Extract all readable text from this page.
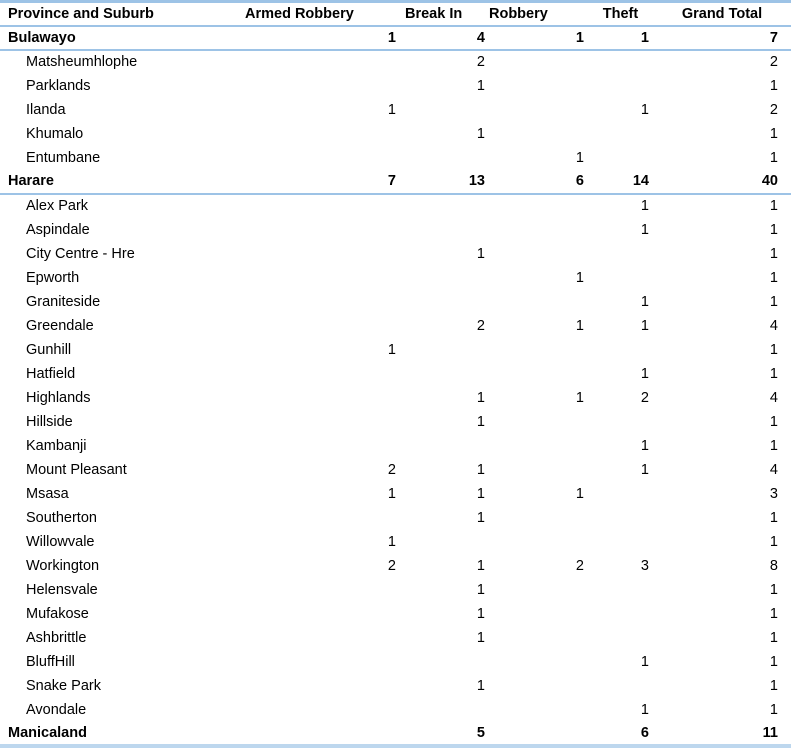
Province and Suburb	Armed Robbery	Break In	Robbery	Theft	Grand Total
Bulawayo	1	4	1	1	7
Matsheumhlophe		2			2
Parklands		1			1
Ilanda	1			1	2
Khumalo		1			1
Entumbane			1		1
Harare	7	13	6	14	40
Alex Park				1	1
Aspindale				1	1
City Centre - Hre		1			1
Epworth			1		1
Graniteside				1	1
Greendale		2	1	1	4
Gunhill	1				1
Hatfield				1	1
Highlands		1	1	2	4
Hillside		1			1
Kambanji				1	1
Mount Pleasant	2	1		1	4
Msasa	1	1	1		3
Southerton		1			1
Willowvale	1				1
Workington	2	1	2	3	8
Helensvale		1			1
Mufakose		1			1
Ashbrittle		1			1
BluffHill				1	1
Snake Park		1			1
Avondale				1	1
Manicaland		5		6	11
